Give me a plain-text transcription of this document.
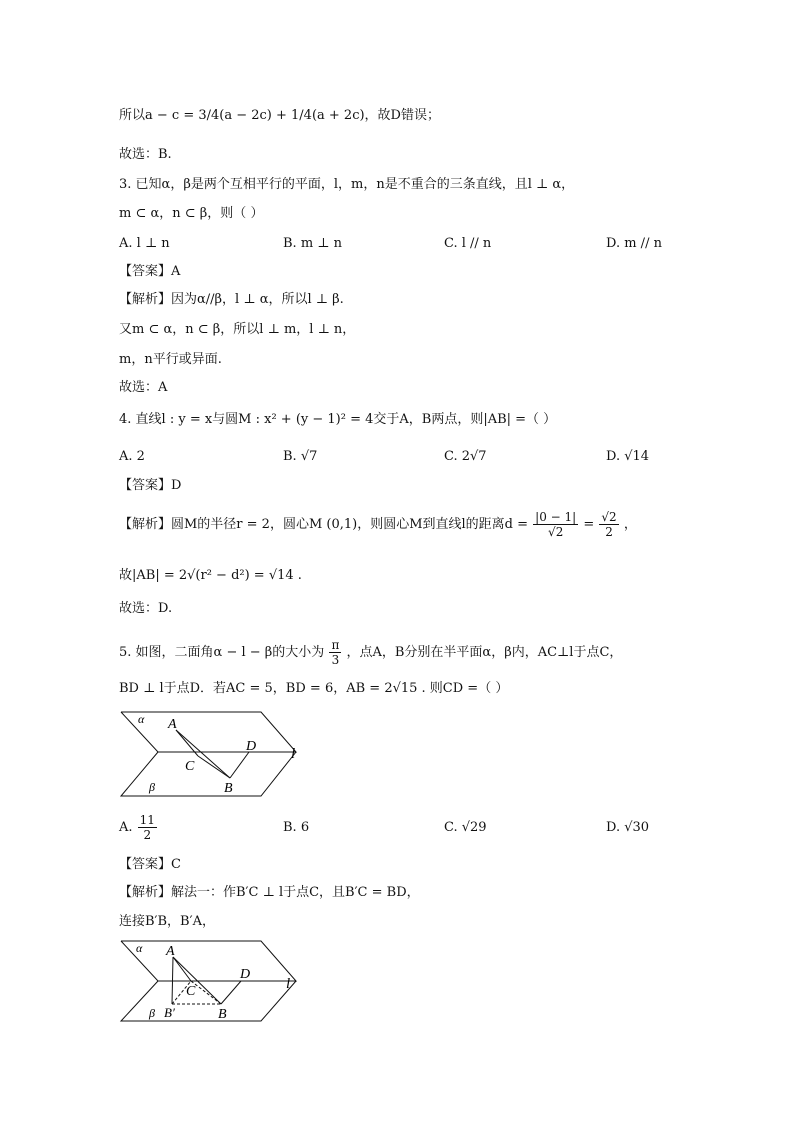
所以a − c = 3/4(a − 2c) + 1/4(a + 2c)，故D错误；
故选：B.
3. 已知α，β是两个互相平行的平面，l，m，n是不重合的三条直线，且l ⊥ α，
m ⊂ α，n ⊂ β，则（ ）
A. l ⊥ n	B. m ⊥ n	C. l // n	D. m // n
【答案】A
【解析】因为α//β，l ⊥ α，所以l ⊥ β.
又m ⊂ α，n ⊂ β，所以l ⊥ m，l ⊥ n，
m，n平行或异面.
故选：A
4. 直线l : y = x与圆M : x² + (y − 1)² = 4交于A，B两点，则|AB| =（ ）
A. 2	B. √7	C. 2√7	D. √14
【答案】D
【解析】圆M的半径r = 2，圆心M (0,1)，则圆心M到直线l的距离$d = \frac{|0 - 1|}{√2} = \frac{√2}{2}$ ，
故|AB| = 2√(r² − d²) = √14 .
故选：D.
5. 如图，二面角α − l − β的大小为 $\frac{\pi}{3}$ ，点A，B分别在半平面α，β内，AC⊥l于点C，
BD ⊥ l于点D．若AC = 5，BD = 6，AB = 2√15 . 则CD =（ ）
α
β
A
C
D
B
l
A. $\frac{11}{2}$	B. 6	C. √29	D. √30
【答案】C
【解析】解法一：作B′C ⊥ l于点C，且B′C = BD，
连接B′B，B′A，
α
β
A
C
D
B
B′
l
